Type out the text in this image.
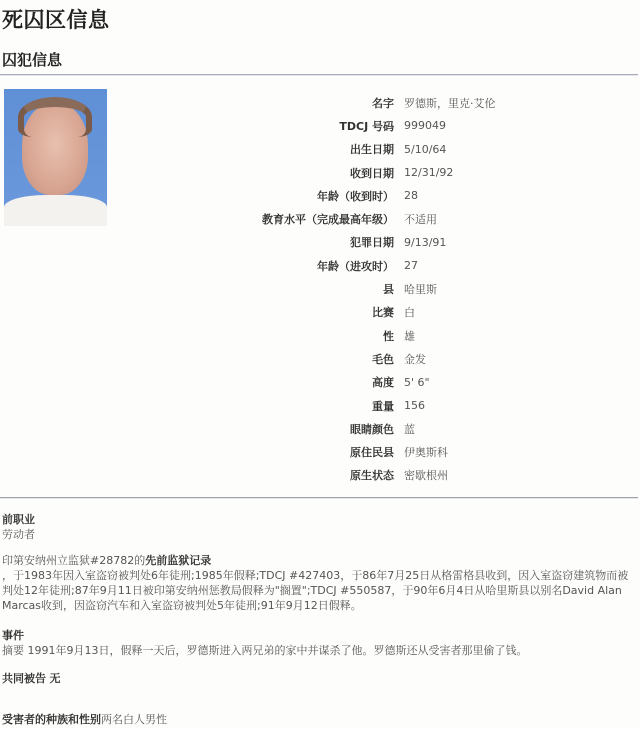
死囚区信息
囚犯信息
名字 罗德斯，里克·艾伦
TDCJ 号码 999049
出生日期 5/10/64
收到日期 12/31/92
年龄（收到时） 28
教育水平（完成最高年级） 不适用
犯罪日期 9/13/91
年龄（进攻时） 27
县 哈里斯
比赛 白
性 雄
毛色 金发
高度 5' 6"
重量 156
眼睛颜色 蓝
原住民县 伊奥斯科
原生状态 密歇根州
前职业
劳动者
印第安纳州立监狱#28782的先前监狱记录
，于1983年因入室盗窃被判处6年徒刑;1985年假释;TDCJ #427403，于86年7月25日从格雷格县收到，因入室盗窃建筑物而被判处12年徒刑;87年9月11日被印第安纳州惩教局假释为"搁置";TDCJ #550587，于90年6月4日从哈里斯县以别名David Alan Marcas收到，因盗窃汽车和入室盗窃被判处5年徒刑;91年9月12日假释。
事件
摘要 1991年9月13日，假释一天后，罗德斯进入两兄弟的家中并谋杀了他。罗德斯还从受害者那里偷了钱。
共同被告 无
受害者的种族和性别两名白人男性
